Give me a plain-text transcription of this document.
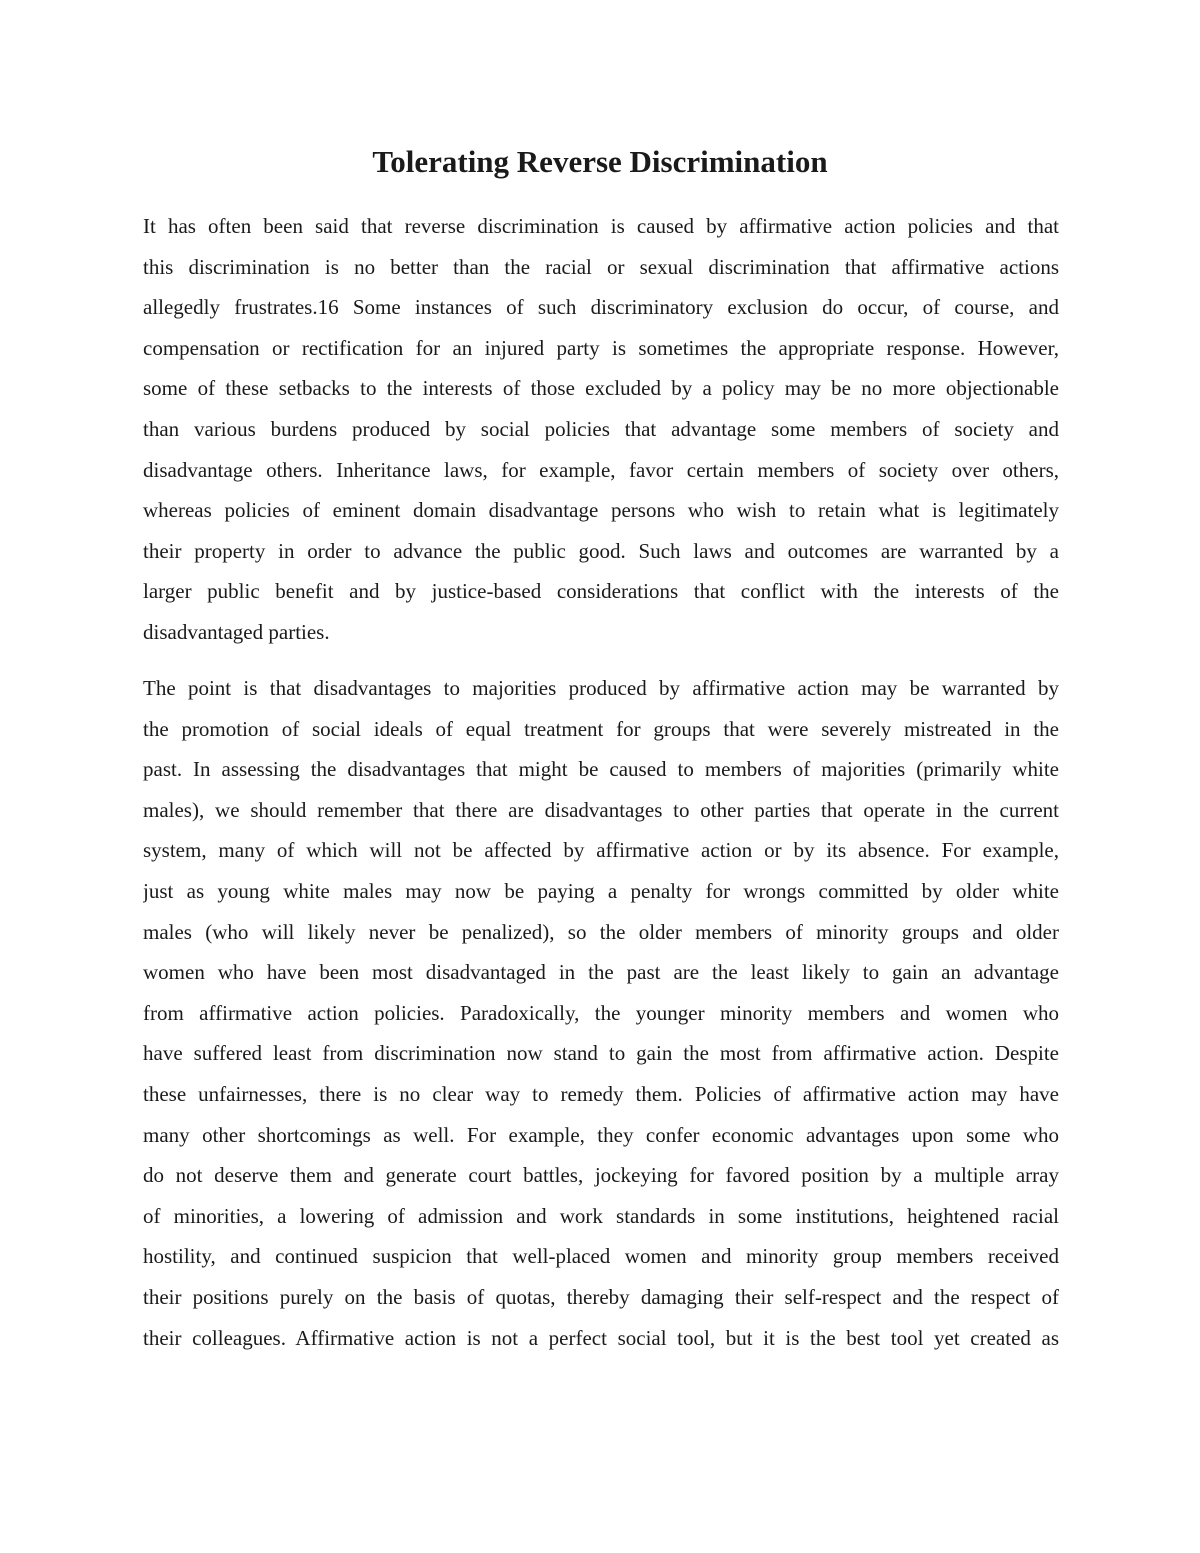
Tolerating Reverse Discrimination
It has often been said that reverse discrimination is caused by affirmative action policies and that
this discrimination is no better than the racial or sexual discrimination that affirmative actions
allegedly frustrates.16 Some instances of such discriminatory exclusion do occur, of course, and
compensation or rectification for an injured party is sometimes the appropriate response. However,
some of these setbacks to the interests of those excluded by a policy may be no more objectionable
than various burdens produced by social policies that advantage some members of society and
disadvantage others. Inheritance laws, for example, favor certain members of society over others,
whereas policies of eminent domain disadvantage persons who wish to retain what is legitimately
their property in order to advance the public good. Such laws and outcomes are warranted by a
larger public benefit and by justice-based considerations that conflict with the interests of the
disadvantaged parties.
The point is that disadvantages to majorities produced by affirmative action may be warranted by
the promotion of social ideals of equal treatment for groups that were severely mistreated in the
past. In assessing the disadvantages that might be caused to members of majorities (primarily white
males), we should remember that there are disadvantages to other parties that operate in the current
system, many of which will not be affected by affirmative action or by its absence. For example,
just as young white males may now be paying a penalty for wrongs committed by older white
males (who will likely never be penalized), so the older members of minority groups and older
women who have been most disadvantaged in the past are the least likely to gain an advantage
from affirmative action policies. Paradoxically, the younger minority members and women who
have suffered least from discrimination now stand to gain the most from affirmative action. Despite
these unfairnesses, there is no clear way to remedy them. Policies of affirmative action may have
many other shortcomings as well. For example, they confer economic advantages upon some who
do not deserve them and generate court battles, jockeying for favored position by a multiple array
of minorities, a lowering of admission and work standards in some institutions, heightened racial
hostility, and continued suspicion that well-placed women and minority group members received
their positions purely on the basis of quotas, thereby damaging their self-respect and the respect of
their colleagues. Affirmative action is not a perfect social tool, but it is the best tool yet created as
